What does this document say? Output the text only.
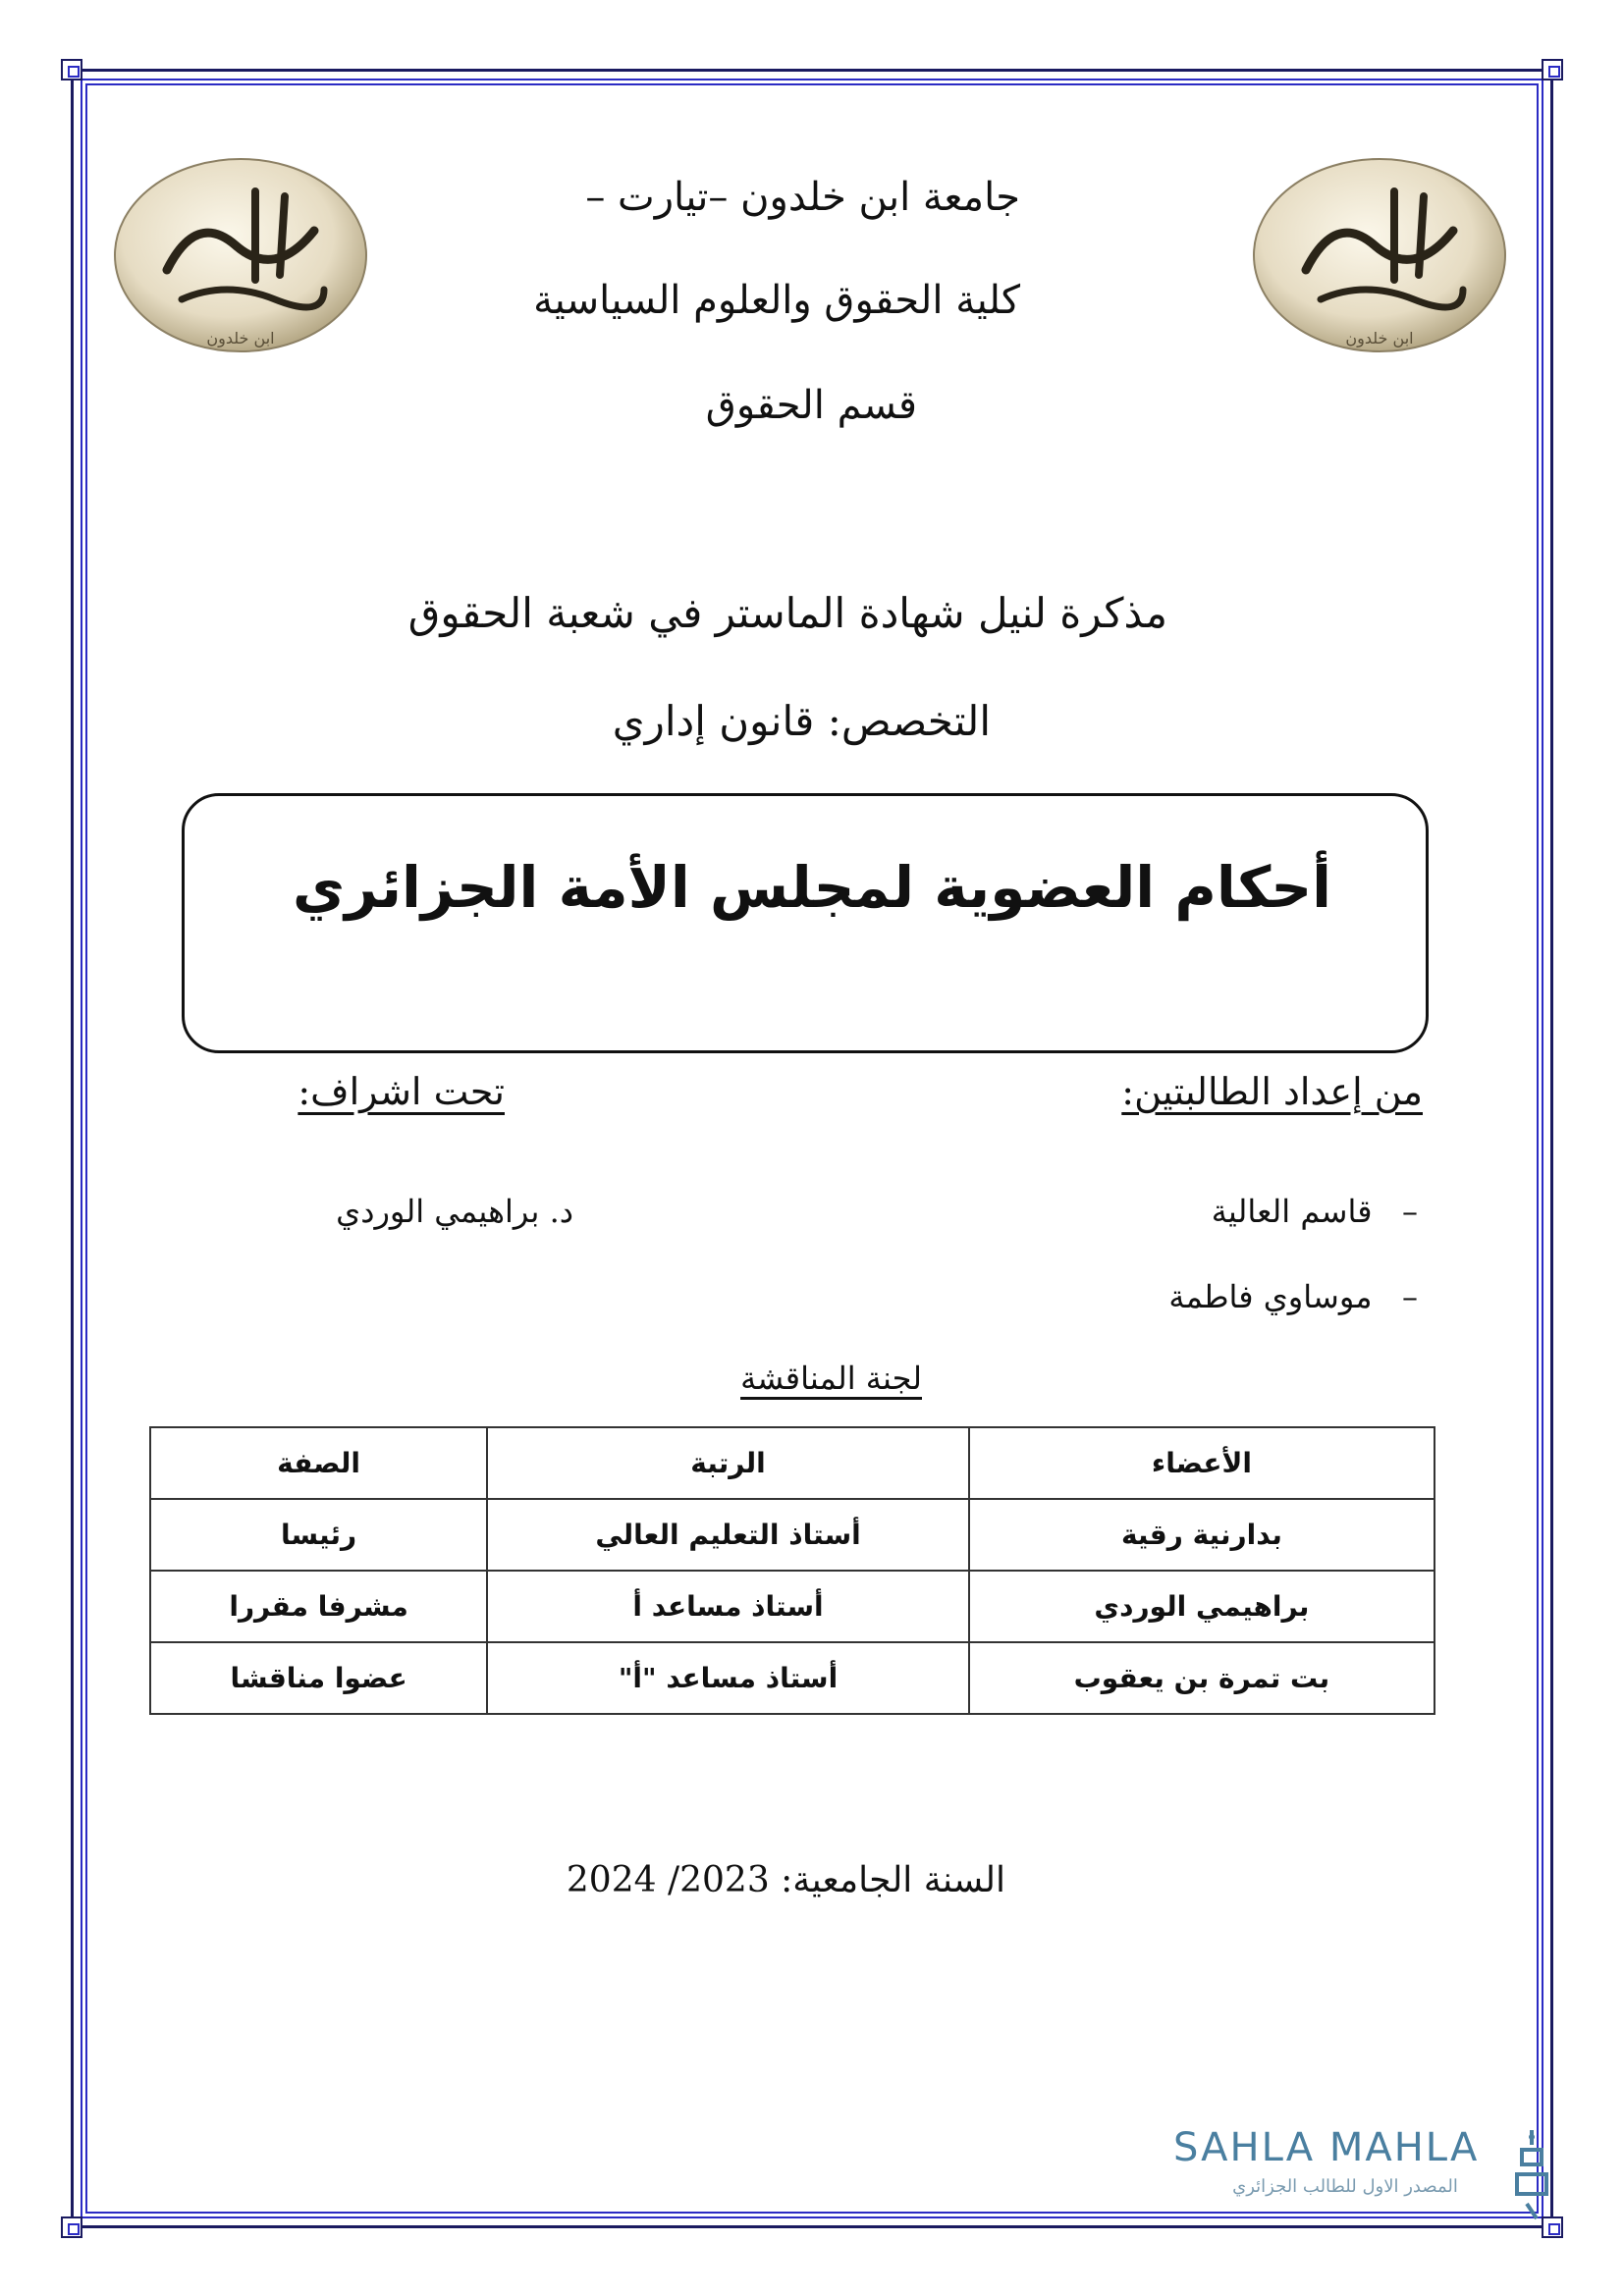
ابن خلدون	ابن خلدون
جامعة ابن خلدون –تيارت –
كلية الحقوق والعلوم السياسية
قسم الحقوق
مذكرة لنيل شهادة الماستر في شعبة الحقوق
التخصص: قانون إداري
أحكام العضوية لمجلس الأمة الجزائري
من إعداد الطالبتين:
تحت اشراف:
–   قاسم العالية
–   موساوي فاطمة
د. براهيمي الوردي
لجنة المناقشة
الأعضاء	الرتبة	الصفة
بدارنية رقية	أستاذ التعليم العالي	رئيسا
براهيمي الوردي	أستاذ مساعد أ	مشرفا مقررا
بت تمرة بن يعقوب	أستاذ مساعد "أ"	عضوا مناقشا
السنة الجامعية: 2023/ 2024
SAHLA MAHLA
المصدر الاول للطالب الجزائري
